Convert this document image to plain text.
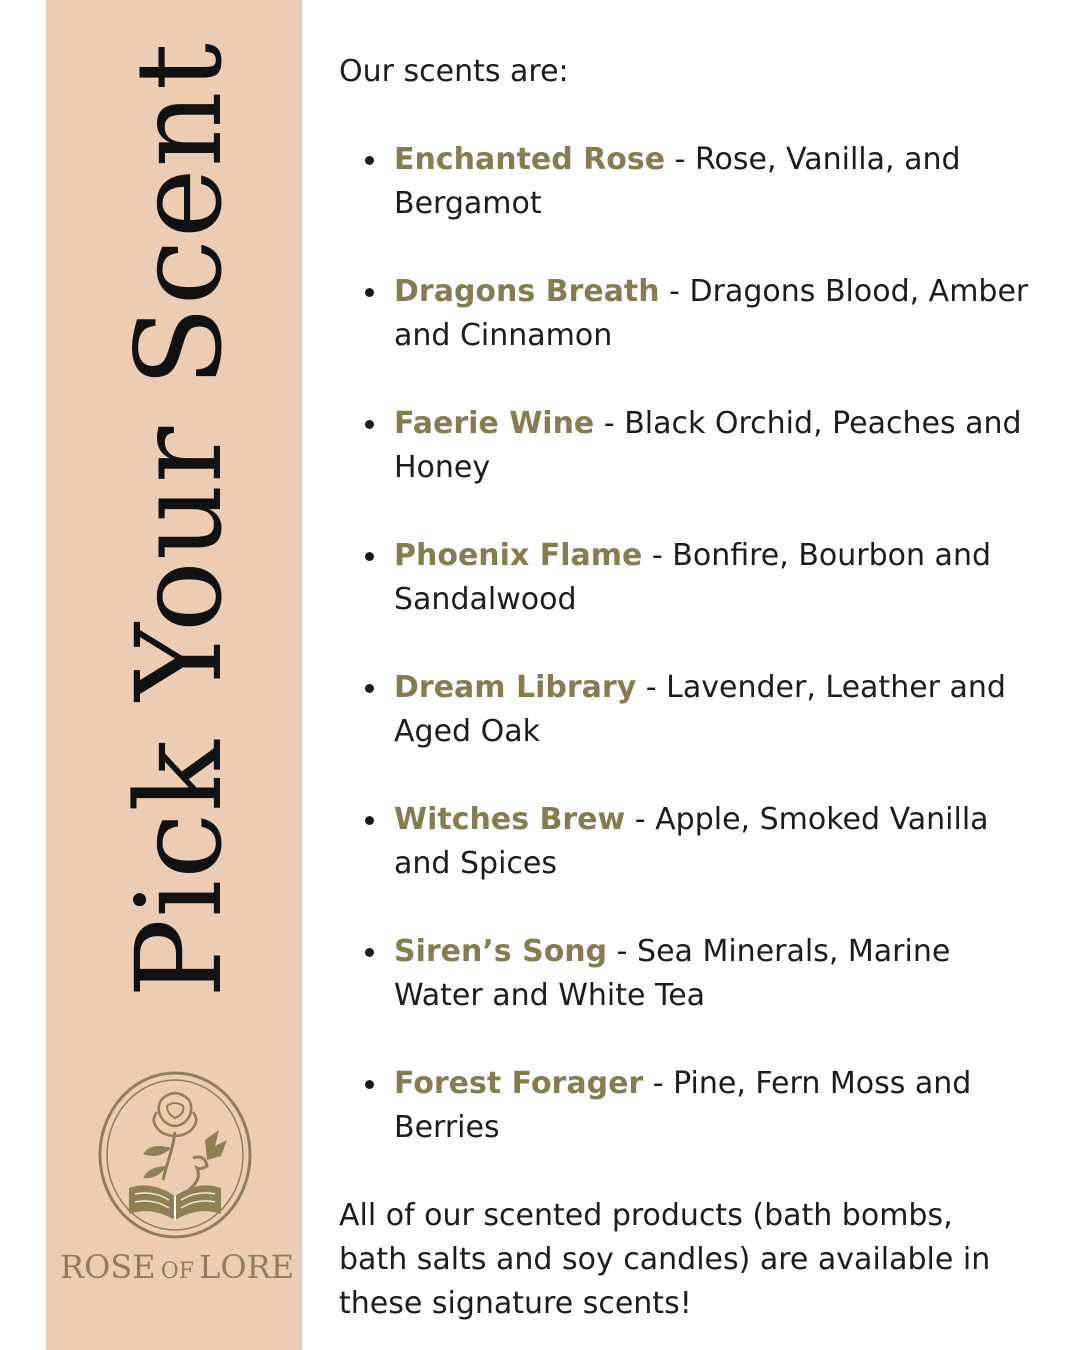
Pick Your Scent
ROSE OF LORE

Our scents are:

Enchanted Rose - Rose, Vanilla, and Bergamot
Dragons Breath - Dragons Blood, Amber and Cinnamon
Faerie Wine - Black Orchid, Peaches and Honey
Phoenix Flame - Bonfire, Bourbon and Sandalwood
Dream Library - Lavender, Leather and Aged Oak
Witches Brew - Apple, Smoked Vanilla and Spices
Siren’s Song - Sea Minerals, Marine Water and White Tea
Forest Forager - Pine, Fern Moss and Berries

All of our scented products (bath bombs, bath salts and soy candles) are available in these signature scents!
